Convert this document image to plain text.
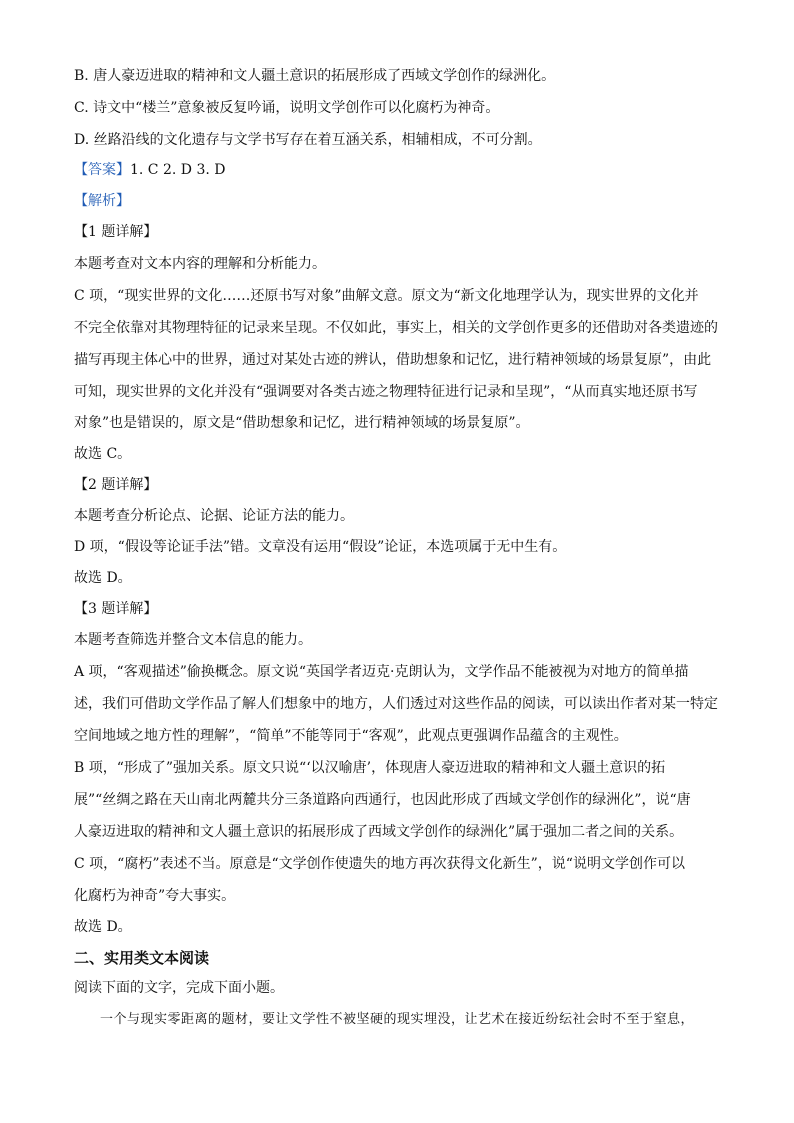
B. 唐人豪迈进取的精神和文人疆土意识的拓展形成了西域文学创作的绿洲化。
C. 诗文中“楼兰”意象被反复吟诵，说明文学创作可以化腐朽为神奇。
D. 丝路沿线的文化遗存与文学书写存在着互涵关系，相辅相成，不可分割。
【答案】1. C 2. D 3. D
【解析】
【1 题详解】
本题考查对文本内容的理解和分析能力。
C 项，“现实世界的文化……还原书写对象”曲解文意。原文为“新文化地理学认为，现实世界的文化并
不完全依靠对其物理特征的记录来呈现。不仅如此，事实上，相关的文学创作更多的还借助对各类遗迹的
描写再现主体心中的世界，通过对某处古迹的辨认，借助想象和记忆，进行精神领域的场景复原”，由此
可知，现实世界的文化并没有“强调要对各类古迹之物理特征进行记录和呈现”，“从而真实地还原书写
对象”也是错误的，原文是“借助想象和记忆，进行精神领域的场景复原”。
故选 C。
【2 题详解】
本题考查分析论点、论据、论证方法的能力。
D 项，“假设等论证手法”错。文章没有运用“假设”论证，本选项属于无中生有。
故选 D。
【3 题详解】
本题考查筛选并整合文本信息的能力。
A 项，“客观描述”偷换概念。原文说“英国学者迈克·克朗认为，文学作品不能被视为对地方的简单描
述，我们可借助文学作品了解人们想象中的地方，人们透过对这些作品的阅读，可以读出作者对某一特定
空间地域之地方性的理解”，“简单”不能等同于“客观”，此观点更强调作品蕴含的主观性。
B 项，“形成了”强加关系。原文只说“‘以汉喻唐’，体现唐人豪迈进取的精神和文人疆土意识的拓
展”“丝绸之路在天山南北两麓共分三条道路向西通行，也因此形成了西域文学创作的绿洲化”，说“唐
人豪迈进取的精神和文人疆土意识的拓展形成了西域文学创作的绿洲化”属于强加二者之间的关系。
C 项，“腐朽”表述不当。原意是“文学创作使遗失的地方再次获得文化新生”，说“说明文学创作可以
化腐朽为神奇”夸大事实。
故选 D。
二、实用类文本阅读
阅读下面的文字，完成下面小题。
一个与现实零距离的题材，要让文学性不被坚硬的现实埋没，让艺术在接近纷纭社会时不至于窒息，
